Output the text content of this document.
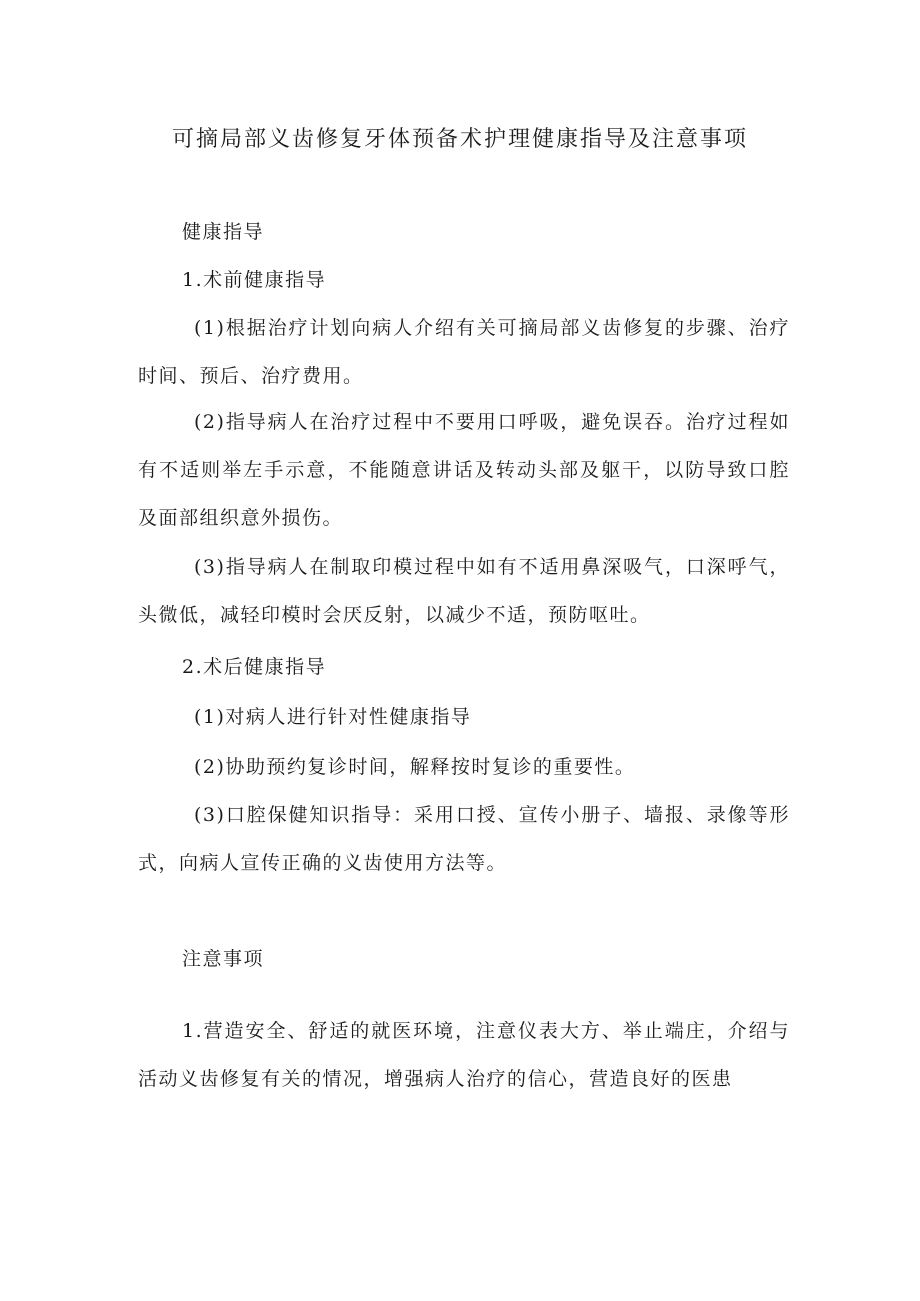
可摘局部义齿修复牙体预备术护理健康指导及注意事项

健康指导

1.术前健康指导

(1)根据治疗计划向病人介绍有关可摘局部义齿修复的步骤、治疗时间、预后、治疗费用。

(2)指导病人在治疗过程中不要用口呼吸，避免误吞。治疗过程如有不适则举左手示意，不能随意讲话及转动头部及躯干，以防导致口腔及面部组织意外损伤。

(3)指导病人在制取印模过程中如有不适用鼻深吸气，口深呼气，头微低，减轻印模时会厌反射，以减少不适，预防呕吐。

2.术后健康指导

(1)对病人进行针对性健康指导

(2)协助预约复诊时间，解释按时复诊的重要性。

(3)口腔保健知识指导：采用口授、宣传小册子、墙报、录像等形式，向病人宣传正确的义齿使用方法等。

注意事项

1.营造安全、舒适的就医环境，注意仪表大方、举止端庄，介绍与活动义齿修复有关的情况，增强病人治疗的信心，营造良好的医患
